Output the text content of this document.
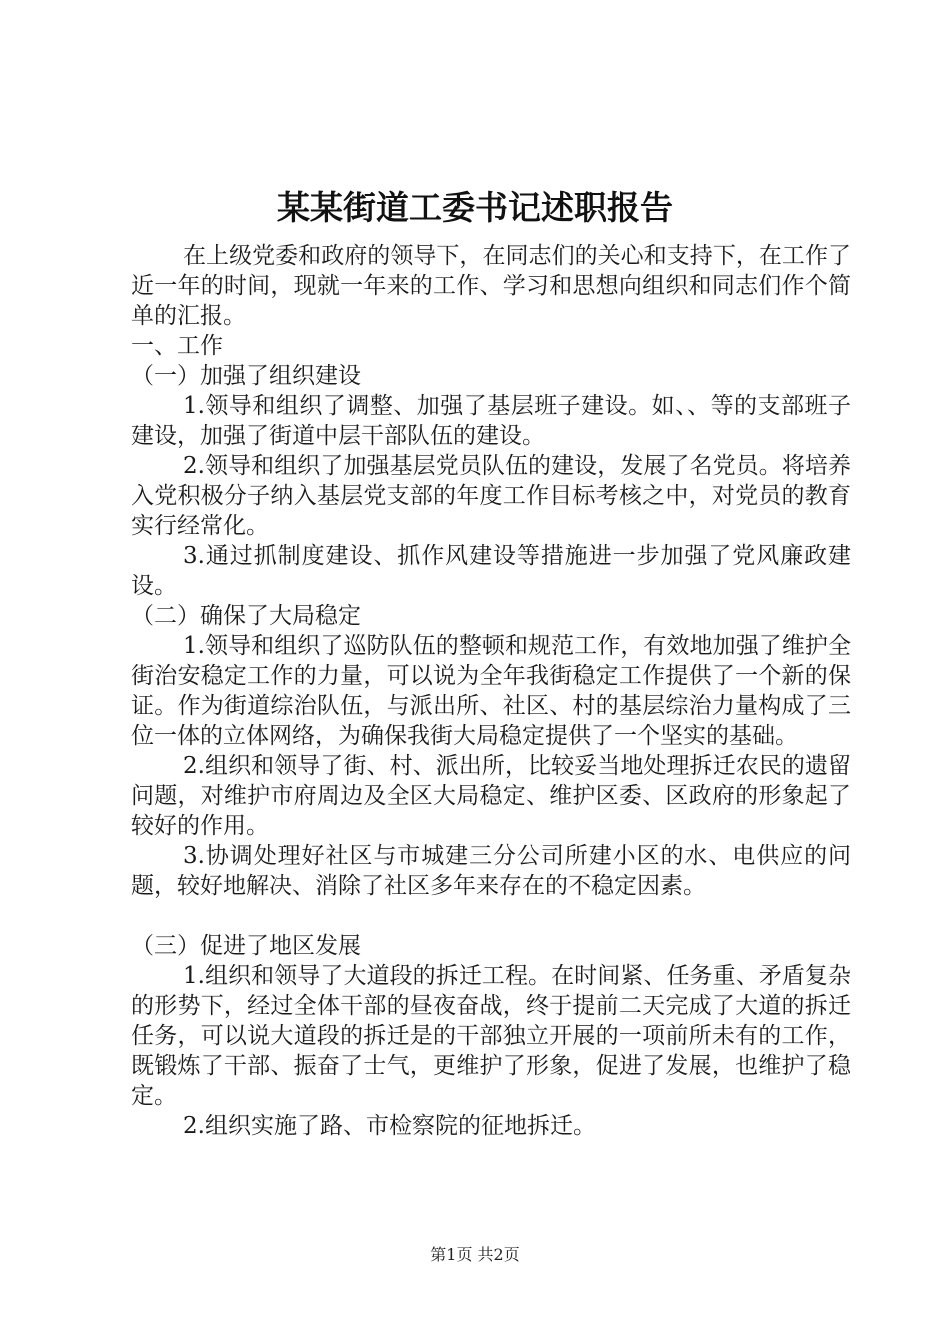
某某街道工委书记述职报告

在上级党委和政府的领导下，在同志们的关心和支持下，在工作了近一年的时间，现就一年来的工作、学习和思想向组织和同志们作个简单的汇报。

一、工作

（一）加强了组织建设

1.领导和组织了调整、加强了基层班子建设。如、、等的支部班子建设，加强了街道中层干部队伍的建设。

2.领导和组织了加强基层党员队伍的建设，发展了名党员。将培养入党积极分子纳入基层党支部的年度工作目标考核之中，对党员的教育实行经常化。

3.通过抓制度建设、抓作风建设等措施进一步加强了党风廉政建设。

（二）确保了大局稳定

1.领导和组织了巡防队伍的整顿和规范工作，有效地加强了维护全街治安稳定工作的力量，可以说为全年我街稳定工作提供了一个新的保证。作为街道综治队伍，与派出所、社区、村的基层综治力量构成了三位一体的立体网络，为确保我街大局稳定提供了一个坚实的基础。

2.组织和领导了街、村、派出所，比较妥当地处理拆迁农民的遗留问题，对维护市府周边及全区大局稳定、维护区委、区政府的形象起了较好的作用。

3.协调处理好社区与市城建三分公司所建小区的水、电供应的问题，较好地解决、消除了社区多年来存在的不稳定因素。

（三）促进了地区发展

1.组织和领导了大道段的拆迁工程。在时间紧、任务重、矛盾复杂的形势下，经过全体干部的昼夜奋战，终于提前二天完成了大道的拆迁任务，可以说大道段的拆迁是的干部独立开展的一项前所未有的工作，既锻炼了干部、振奋了士气，更维护了形象，促进了发展，也维护了稳定。

2.组织实施了路、市检察院的征地拆迁。

第1页 共2页
